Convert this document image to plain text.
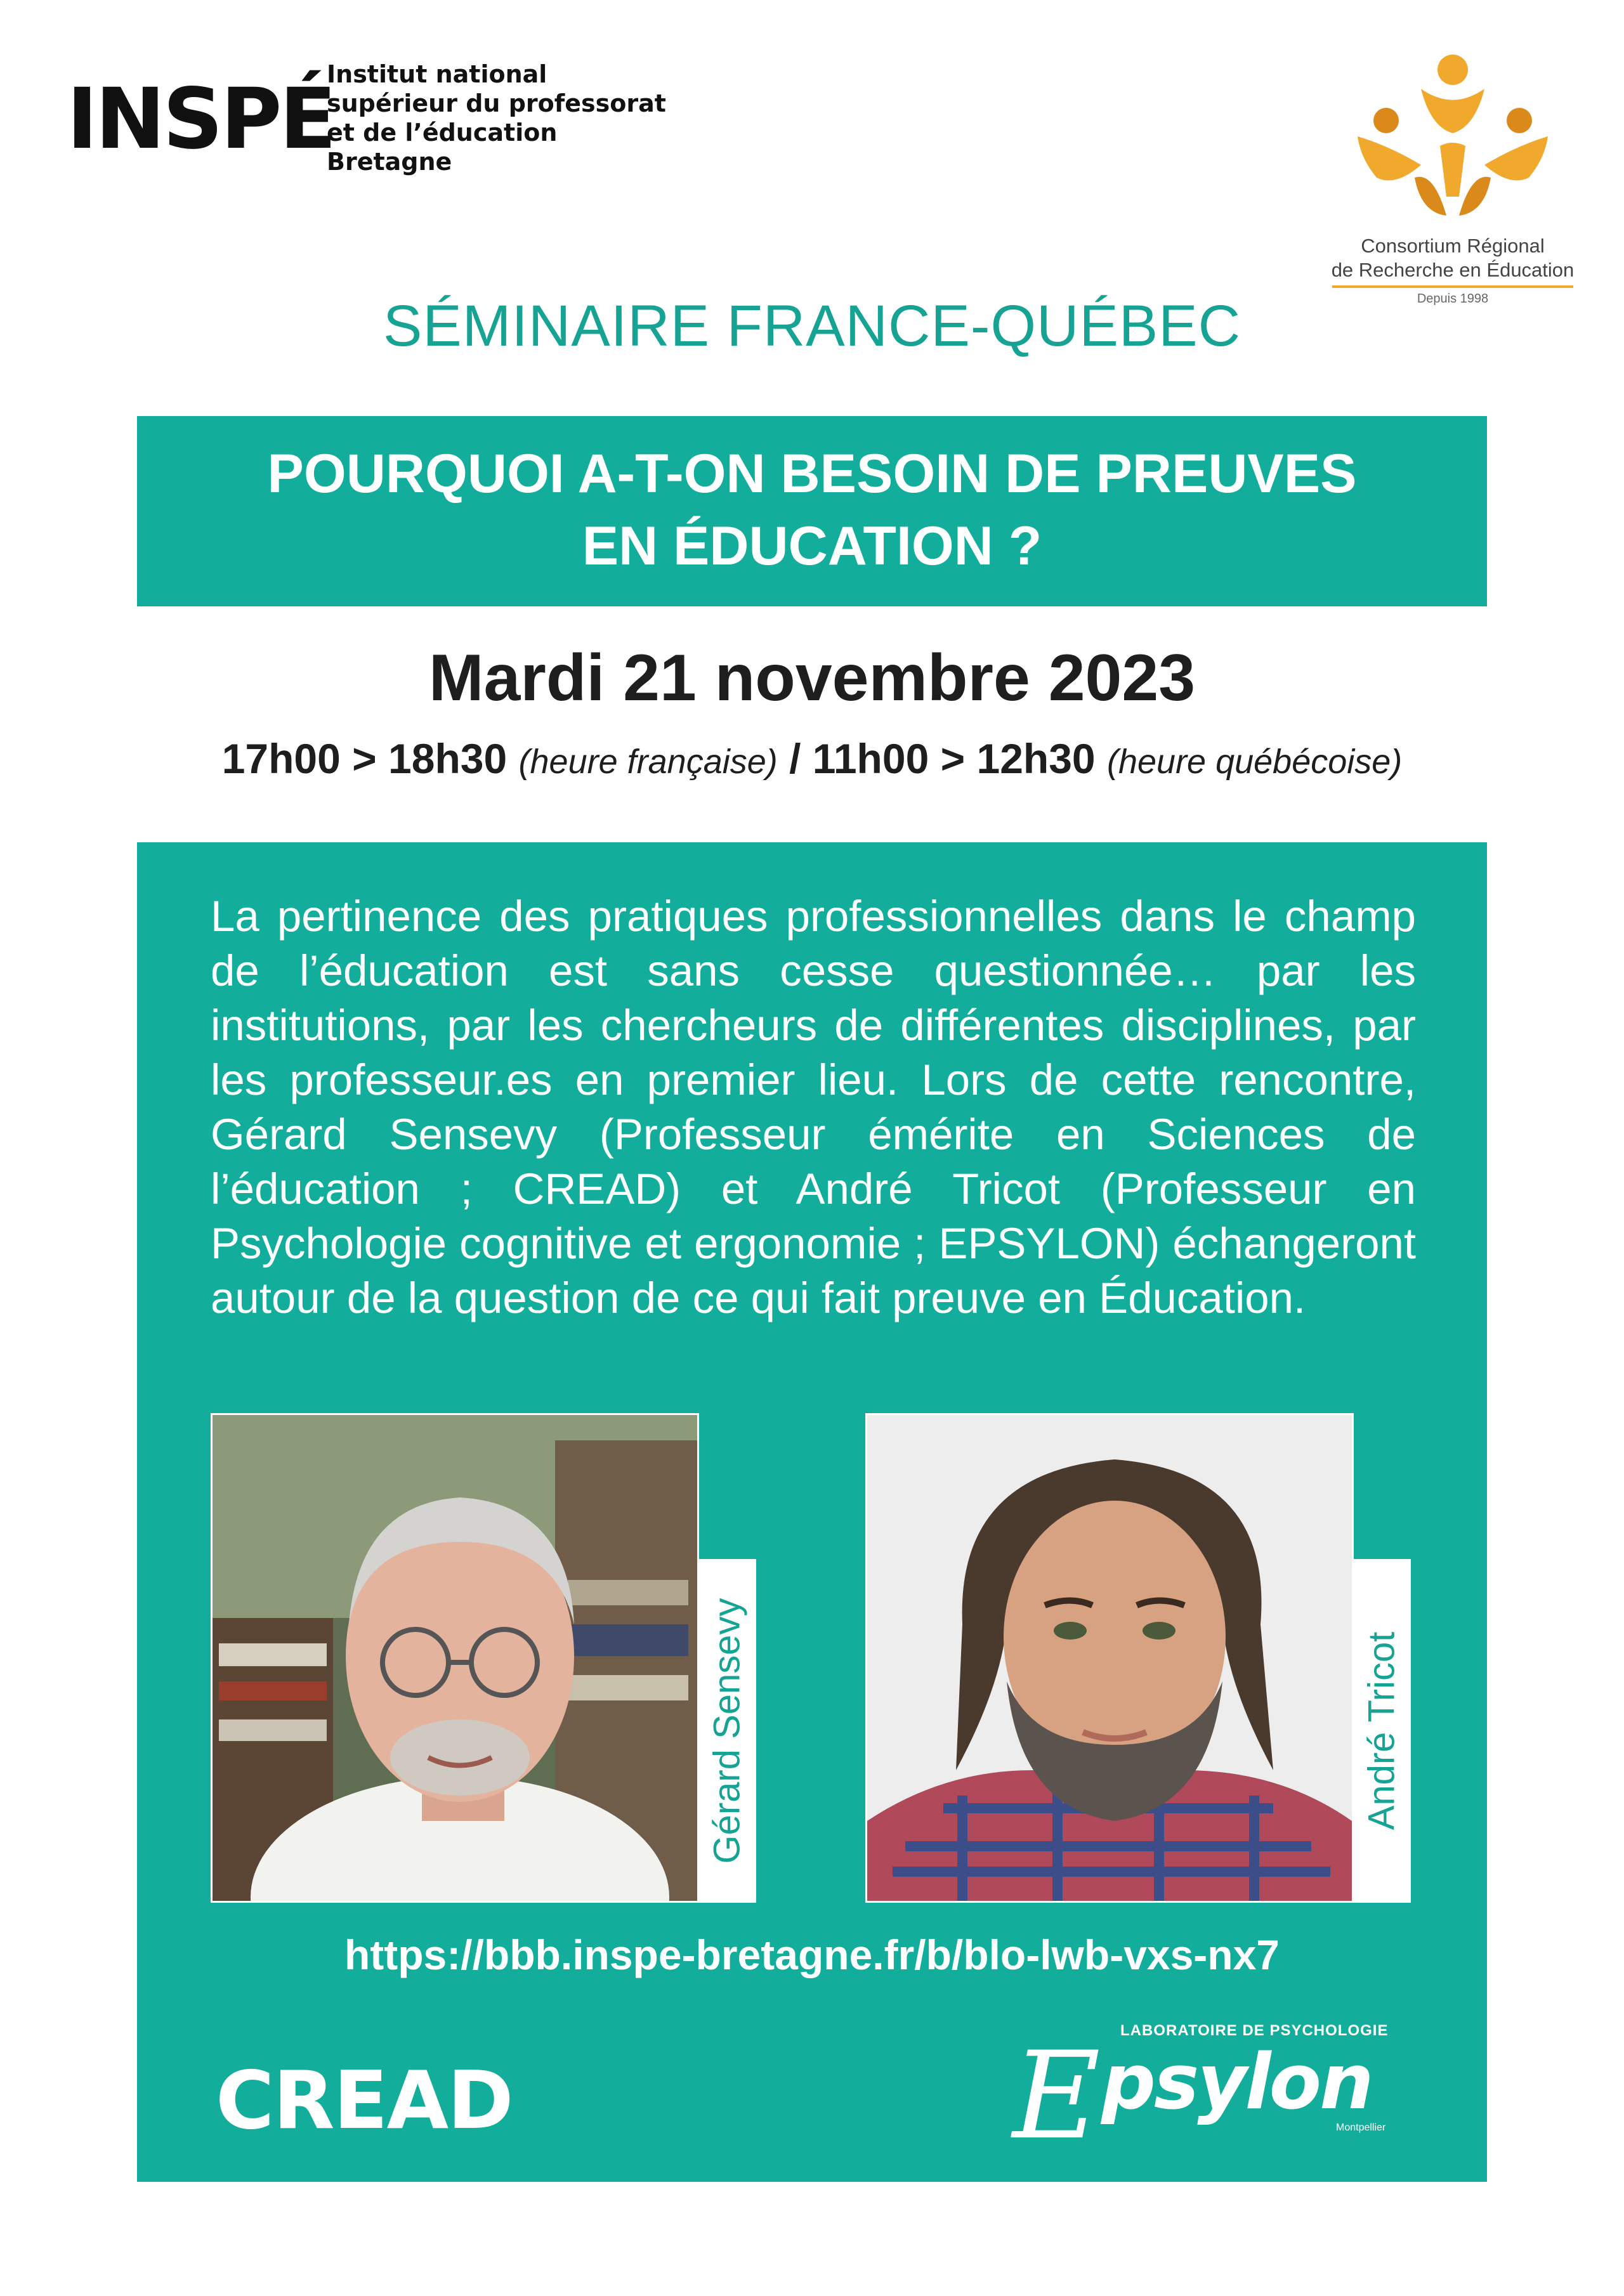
INSPÉ
Institut national
supérieur du professorat
et de l’éducation
Bretagne
Consortium Régional
de Recherche en Éducation
Depuis 1998
SÉMINAIRE FRANCE-QUÉBEC
POURQUOI A-T-ON BESOIN DE PREUVES
EN ÉDUCATION ?
Mardi 21 novembre 2023
17h00 > 18h30 (heure française) / 11h00 > 12h30 (heure québécoise)
La pertinence des pratiques professionnelles dans le champ de l’éducation est sans cesse questionnée… par les institutions, par les chercheurs de différentes disciplines, par les professeur.es en premier lieu. Lors de cette rencontre, Gérard Sensevy (Professeur émérite en Sciences de l’éducation ; CREAD) et André Tricot (Professeur en Psychologie cognitive et ergonomie ; EPSYLON) échangeront autour de la question de ce qui fait preuve en Éducation.
Gérard Sensevy	André Tricot
https://bbb.inspe-bretagne.fr/b/blo-lwb-vxs-nx7
CREAD
LABORATOIRE DE PSYCHOLOGIE
E psylon
Montpellier
